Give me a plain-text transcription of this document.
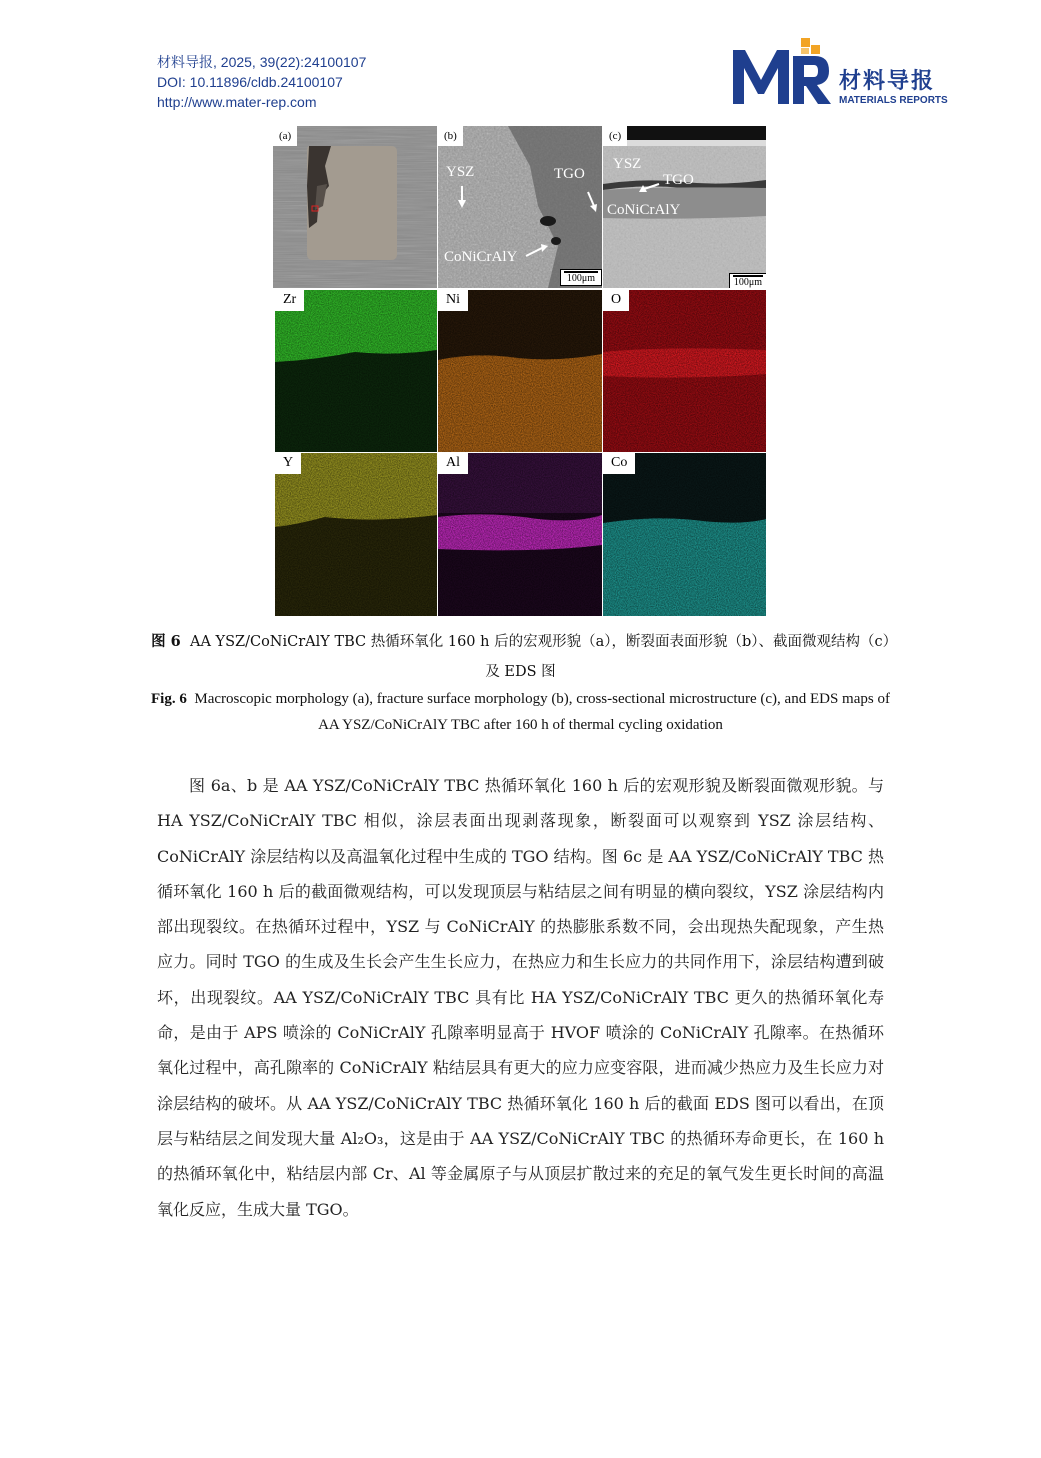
材料导报, 2025, 39(22):24100107
DOI: 10.11896/cldb.24100107
http://www.mater-rep.com
材料导报
MATERIALS REPORTS
(a)	(b)
YSZ	TGO
CoNiCrAlY
100μm
(c)
YSZ
TGO
CoNiCrAlY
100μm
Zr	Ni	O
Y	Al	Co
图 6 AA YSZ/CoNiCrAlY TBC 热循环氧化 160 h 后的宏观形貌（a），断裂面表面形貌（b）、截面微观结构（c）及 EDS 图
Fig. 6 Macroscopic morphology (a), fracture surface morphology (b), cross-sectional microstructure (c), and EDS maps of AA YSZ/CoNiCrAlY TBC after 160 h of thermal cycling oxidation
图 6a、b 是 AA YSZ/CoNiCrAlY TBC 热循环氧化 160 h 后的宏观形貌及断裂面微观形貌。与 HA YSZ/CoNiCrAlY TBC 相似，涂层表面出现剥落现象，断裂面可以观察到 YSZ 涂层结构、CoNiCrAlY 涂层结构以及高温氧化过程中生成的 TGO 结构。图 6c 是 AA YSZ/CoNiCrAlY TBC 热循环氧化 160 h 后的截面微观结构，可以发现顶层与粘结层之间有明显的横向裂纹，YSZ 涂层结构内部出现裂纹。在热循环过程中，YSZ 与 CoNiCrAlY 的热膨胀系数不同，会出现热失配现象，产生热应力。同时 TGO 的生成及生长会产生生长应力，在热应力和生长应力的共同作用下，涂层结构遭到破坏，出现裂纹。AA YSZ/CoNiCrAlY TBC 具有比 HA YSZ/CoNiCrAlY TBC 更久的热循环氧化寿命，是由于 APS 喷涂的 CoNiCrAlY 孔隙率明显高于 HVOF 喷涂的 CoNiCrAlY 孔隙率。在热循环氧化过程中，高孔隙率的 CoNiCrAlY 粘结层具有更大的应力应变容限，进而减少热应力及生长应力对涂层结构的破坏。从 AA YSZ/CoNiCrAlY TBC 热循环氧化 160 h 后的截面 EDS 图可以看出，在顶层与粘结层之间发现大量 Al₂O₃，这是由于 AA YSZ/CoNiCrAlY TBC 的热循环寿命更长，在 160 h 的热循环氧化中，粘结层内部 Cr、Al 等金属原子与从顶层扩散过来的充足的氧气发生更长时间的高温氧化反应，生成大量 TGO。
